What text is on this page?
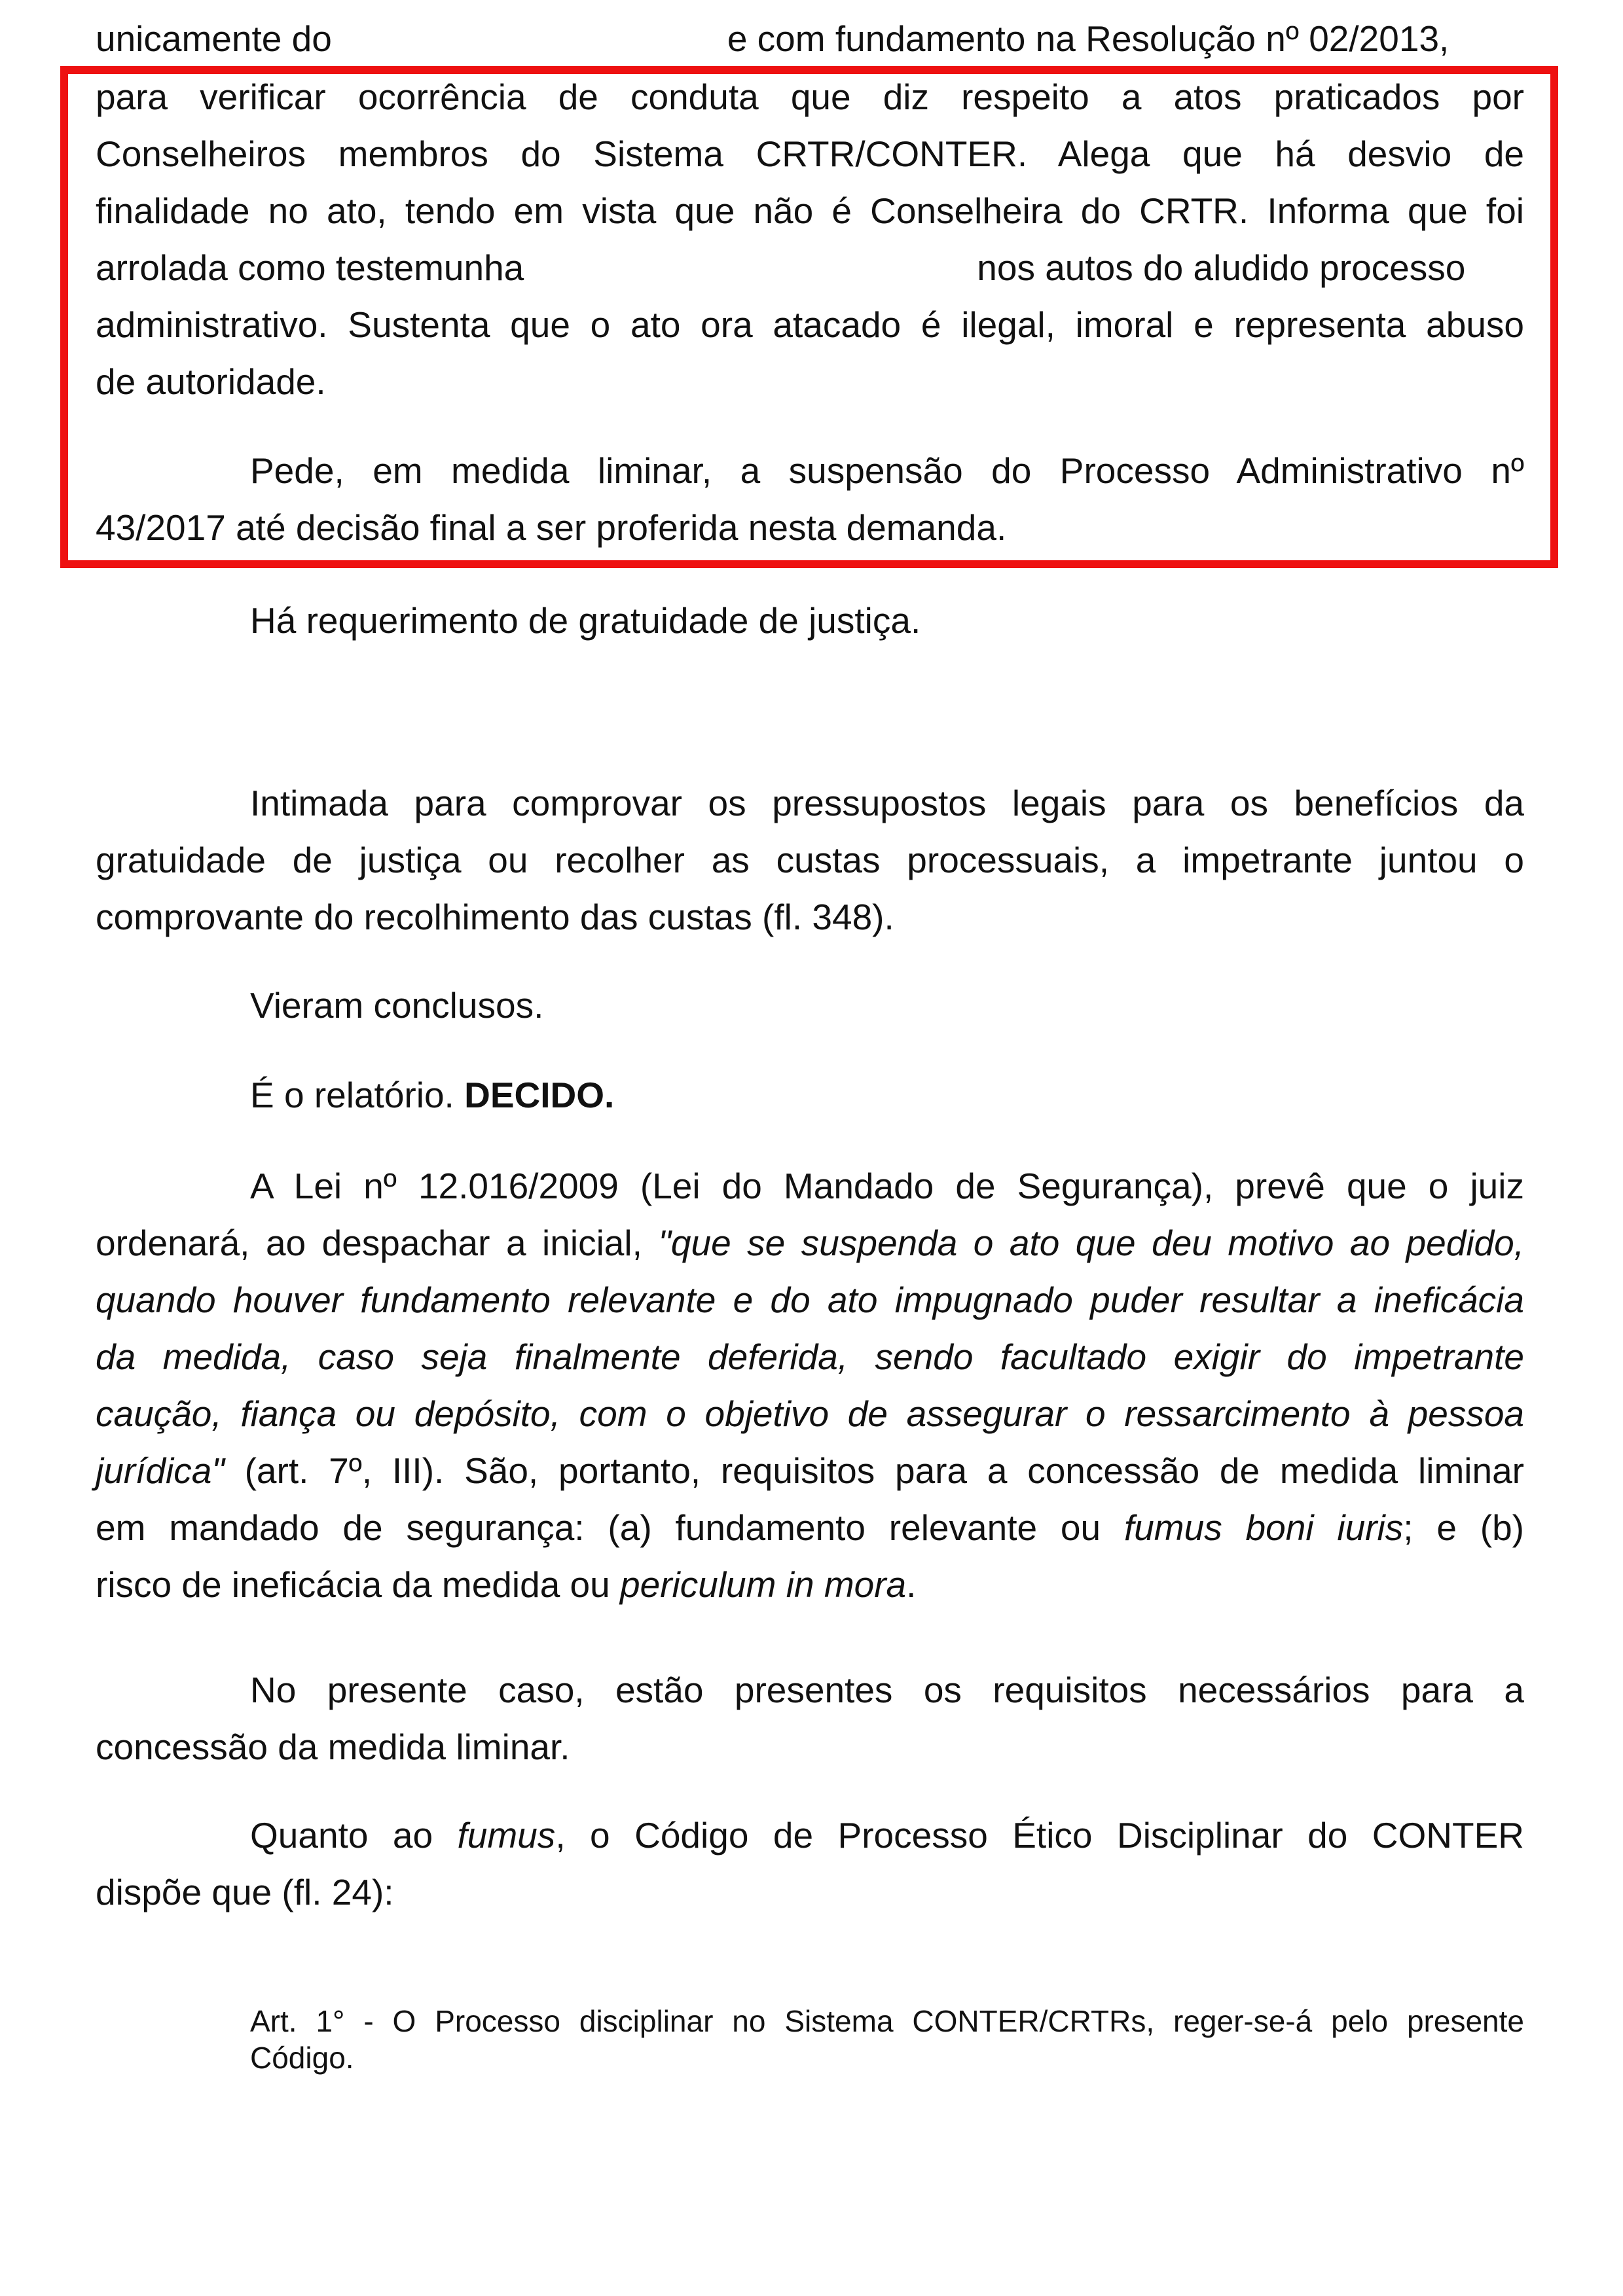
unicamente do	e com fundamento na Resolução nº 02/2013,
para verificar ocorrência de conduta que diz respeito a atos praticados por
Conselheiros membros do Sistema CRTR/CONTER. Alega que há desvio de
finalidade no ato, tendo em vista que não é Conselheira do CRTR. Informa que foi
arrolada como testemunha	nos autos do aludido processo
administrativo. Sustenta que o ato ora atacado é ilegal, imoral e representa abuso
de autoridade.
Pede, em medida liminar, a suspensão do Processo Administrativo nº
43/2017 até decisão final a ser proferida nesta demanda.
Há requerimento de gratuidade de justiça.
Intimada para comprovar os pressupostos legais para os benefícios da
gratuidade de justiça ou recolher as custas processuais, a impetrante juntou o
comprovante do recolhimento das custas (fl. 348).
Vieram conclusos.
É o relatório. DECIDO.
A Lei nº 12.016/2009 (Lei do Mandado de Segurança), prevê que o juiz
ordenará, ao despachar a inicial, "que se suspenda o ato que deu motivo ao pedido,
quando houver fundamento relevante e do ato impugnado puder resultar a ineficácia
da medida, caso seja finalmente deferida, sendo facultado exigir do impetrante
caução, fiança ou depósito, com o objetivo de assegurar o ressarcimento à pessoa
jurídica" (art. 7º, III). São, portanto, requisitos para a concessão de medida liminar
em mandado de segurança: (a) fundamento relevante ou fumus boni iuris; e (b)
risco de ineficácia da medida ou periculum in mora.
No presente caso, estão presentes os requisitos necessários para a
concessão da medida liminar.
Quanto ao fumus, o Código de Processo Ético Disciplinar do CONTER
dispõe que (fl. 24):
Art. 1° - O Processo disciplinar no Sistema CONTER/CRTRs, reger-se-á pelo presente
Código.
